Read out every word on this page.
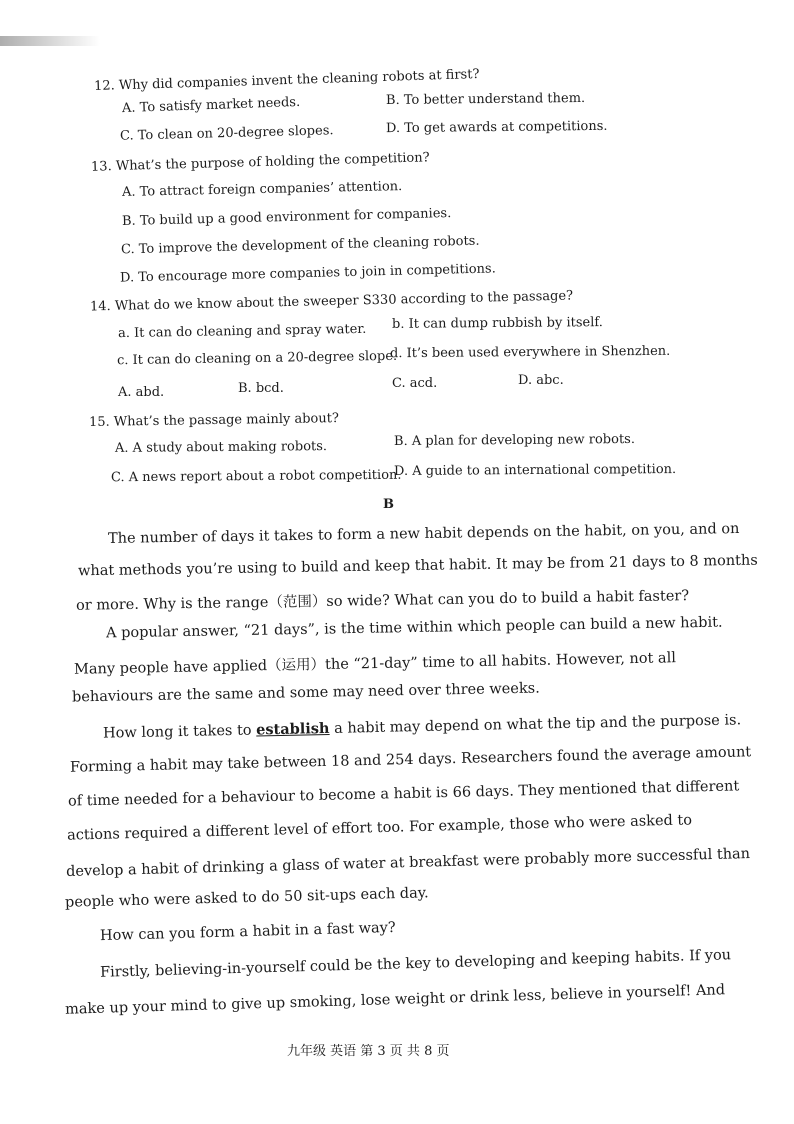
12. Why did companies invent the cleaning robots at first?
A. To satisfy market needs.	B. To better understand them.
C. To clean on 20-degree slopes.	D. To get awards at competitions.
13. What’s the purpose of holding the competition?
A. To attract foreign companies’ attention.
B. To build up a good environment for companies.
C. To improve the development of the cleaning robots.
D. To encourage more companies to join in competitions.
14. What do we know about the sweeper S330 according to the passage?
a. It can do cleaning and spray water. b. It can dump rubbish by itself.
c. It can do cleaning on a 20-degree slope.
d. It’s been used everywhere in Shenzhen.
A. abd.	B. bcd.	C. acd.	D. abc.
15. What’s the passage mainly about?
A. A study about making robots.	B. A plan for developing new robots.
C. A news report about a robot competition.
D. A guide to an international competition.
B
The number of days it takes to form a new habit depends on the habit, on you, and on
what methods you’re using to build and keep that habit. It may be from 21 days to 8 months
or more. Why is the range（范围）so wide? What can you do to build a habit faster?
A popular answer, “21 days”, is the time within which people can build a new habit.
Many people have applied（运用）the “21-day” time to all habits. However, not all
behaviours are the same and some may need over three weeks.
How long it takes to establish a habit may depend on what the tip and the purpose is.
Forming a habit may take between 18 and 254 days. Researchers found the average amount
of time needed for a behaviour to become a habit is 66 days. They mentioned that different
actions required a different level of effort too. For example, those who were asked to
develop a habit of drinking a glass of water at breakfast were probably more successful than
people who were asked to do 50 sit-ups each day.
How can you form a habit in a fast way?
Firstly, believing-in-yourself could be the key to developing and keeping habits. If you
make up your mind to give up smoking, lose weight or drink less, believe in yourself! And
九年级 英语 第 3 页 共 8 页
